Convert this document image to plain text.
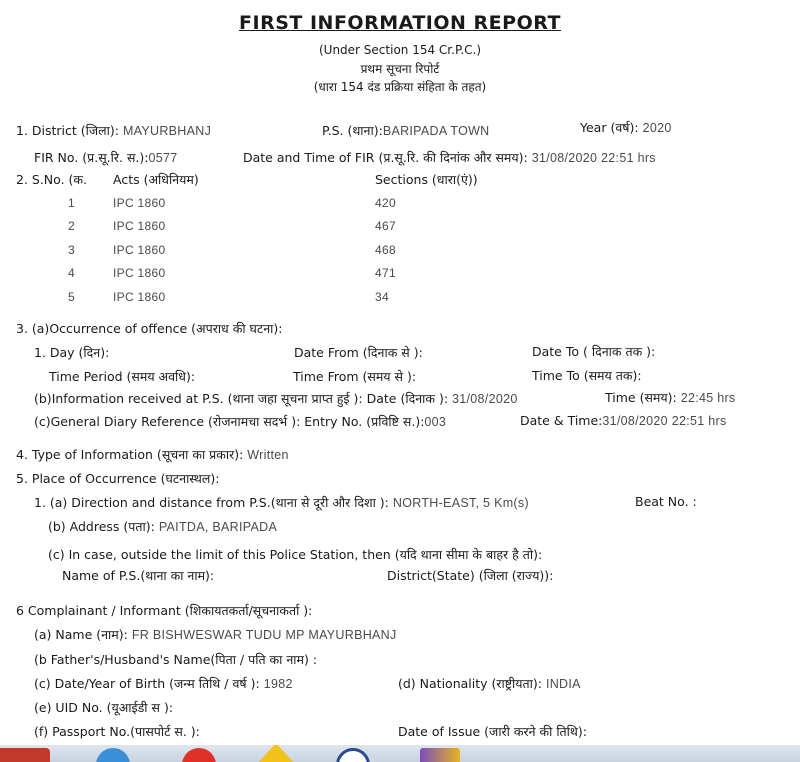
FIRST INFORMATION REPORT
(Under Section 154 Cr.P.C.)
प्रथम सूचना रिपोर्ट
(धारा 154 दंड प्रक्रिया संहिता के तहत)
1. District (जिला): MAYURBHANJ	P.S. (थाना):BARIPADA TOWN	Year (वर्ष): 2020
FIR No. (प्र.सू.रि. स.):0577	Date and Time of FIR (प्र.सू.रि. की दिनांक और समय): 31/08/2020 22:51 hrs
2. S.No. (क. Acts (अधिनियम)	Sections (धारा(एं))
1	IPC 1860	420
2	IPC 1860	467
3	IPC 1860	468
4	IPC 1860	471
5	IPC 1860	34
3. (a)Occurrence of offence (अपराध की घटना):
1. Day (दिन):	Date From (दिनाक से ):	Date To ( दिनाक तक ):
Time Period (समय अवधि):	Time From (समय से ):	Time To (समय तक):
(b)Information received at P.S. (थाना जहा सूचना प्राप्त हुई ): Date (दिनाक ): 31/08/2020	Time (समय): 22:45 hrs
(c)General Diary Reference (रोजनामचा सदर्भ ): Entry No. (प्रविष्टि स.):003	Date & Time:31/08/2020 22:51 hrs
4. Type of Information (सूचना का प्रकार): Written
5. Place of Occurrence (घटनास्थल):
1. (a) Direction and distance from P.S.(थाना से दूरी और दिशा ): NORTH-EAST, 5 Km(s)	Beat No. :
(b) Address (पता): PAITDA, BARIPADA
(c) In case, outside the limit of this Police Station, then (यदि थाना सीमा के बाहर है तो):
Name of P.S.(थाना का नाम):	District(State) (जिला (राज्य)):
6 Complainant / Informant (शिकायतकर्ता/सूचनाकर्ता ):
(a) Name (नाम): FR BISHWESWAR TUDU MP MAYURBHANJ
(b Father's/Husband's Name(पिता / पति का नाम) :
(c) Date/Year of Birth (जन्म तिथि / वर्ष ): 1982	(d) Nationality (राष्ट्रीयता): INDIA
(e) UID No. (यूआईडी स ):
(f) Passport No.(पासपोर्ट स. ):	Date of Issue (जारी करने की तिथि):
